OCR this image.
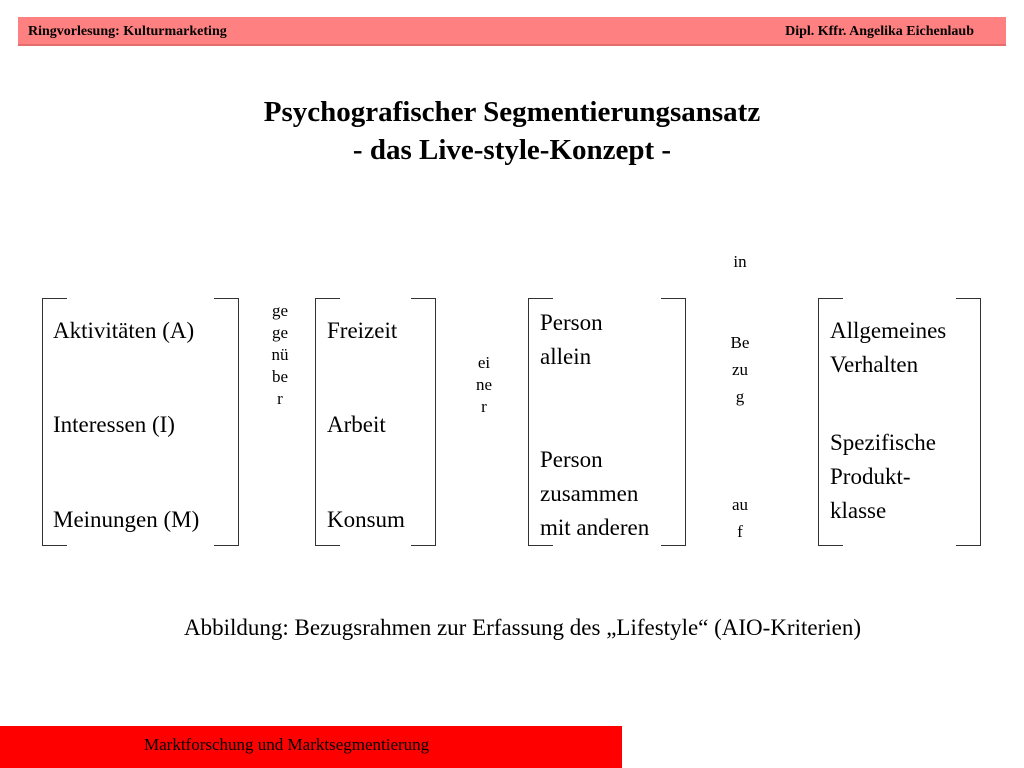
Ringvorlesung: Kulturmarketing	Dipl. Kffr. Angelika Eichenlaub
Psychografischer Segmentierungsansatz
- das Live-style-Konzept -
Aktivitäten (A)
Interessen (I)
Meinungen (M)
gegenüber
Freizeit
Arbeit
Konsum
einer
Person
allein
Person
zusammen
mit anderen
in
Bezug
auf
Allgemeines
Verhalten
Spezifische
Produkt-
klasse
Abbildung: Bezugsrahmen zur Erfassung des „Lifestyle“ (AIO-Kriterien)
Marktforschung und Marktsegmentierung
